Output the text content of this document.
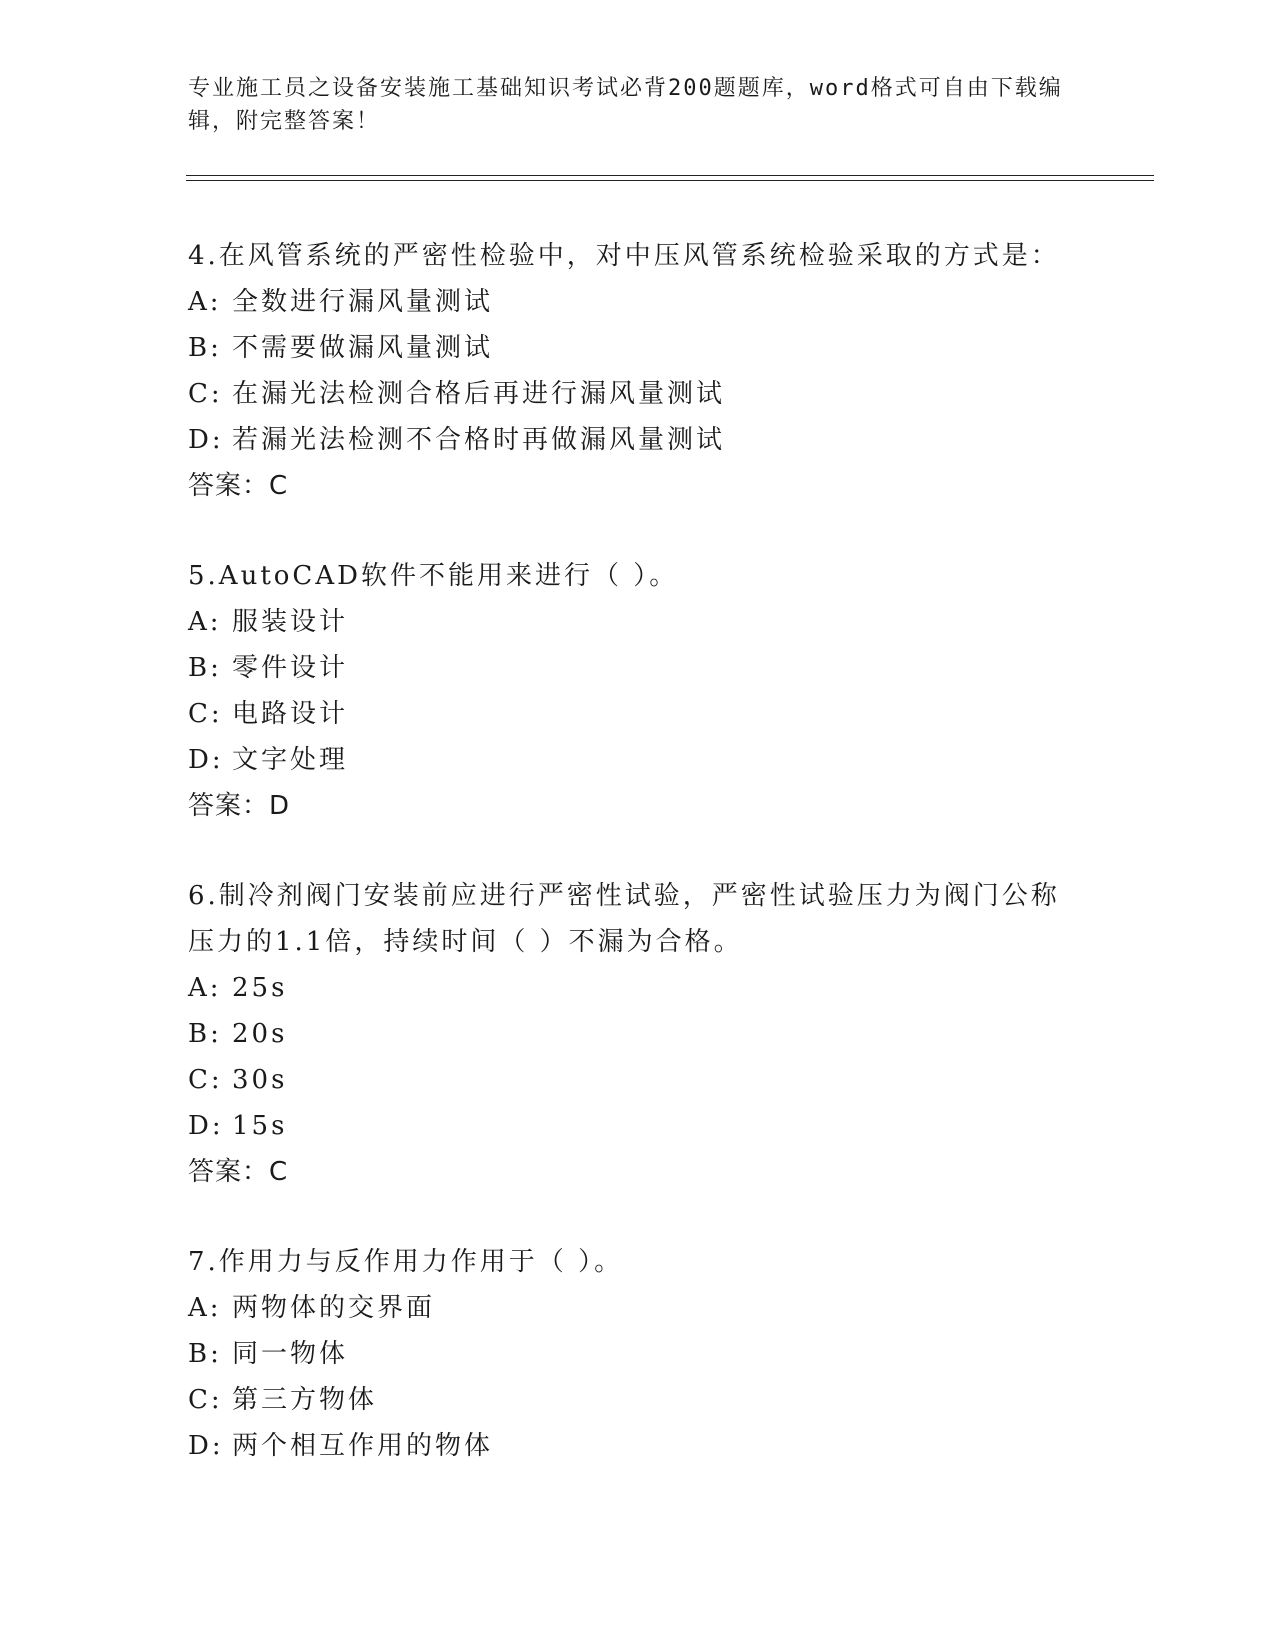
专业施工员之设备安装施工基础知识考试必背200题题库，word格式可自由下载编辑，附完整答案！

4.在风管系统的严密性检验中，对中压风管系统检验采取的方式是：

A: 全数进行漏风量测试
B: 不需要做漏风量测试
C: 在漏光法检测合格后再进行漏风量测试
D: 若漏光法检测不合格时再做漏风量测试
答案：C

5.AutoCAD软件不能用来进行（ ）。

A: 服装设计
B: 零件设计
C: 电路设计
D: 文字处理
答案：D

6.制冷剂阀门安装前应进行严密性试验，严密性试验压力为阀门公称压力的1.1倍，持续时间（ ）不漏为合格。

A: 25s
B: 20s
C: 30s
D: 15s
答案：C

7.作用力与反作用力作用于（ ）。

A: 两物体的交界面
B: 同一物体
C: 第三方物体
D: 两个相互作用的物体
